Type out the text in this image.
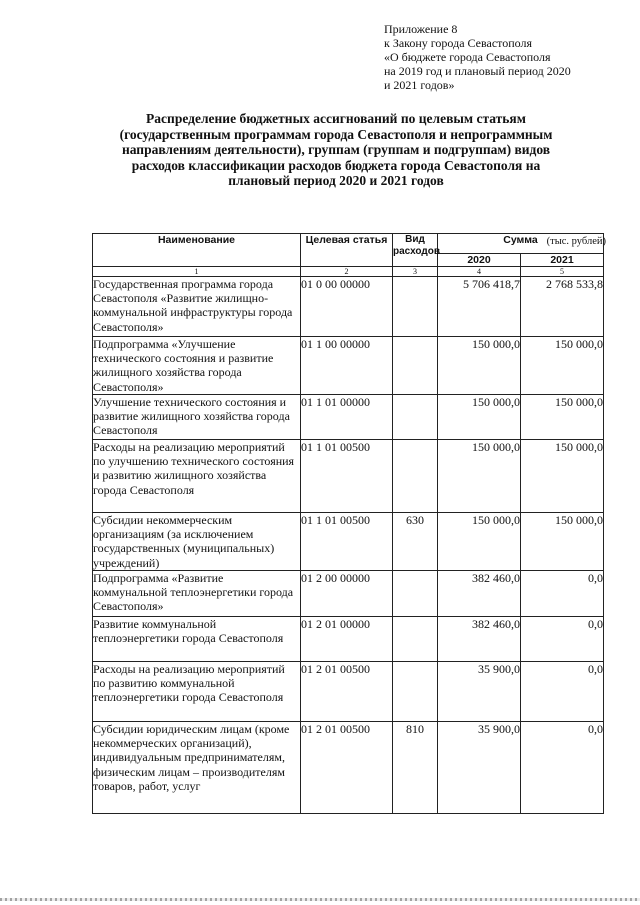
Приложение 8
к Закону города Севастополя
«О бюджете города Севастополя
на 2019 год и плановый период 2020
и 2021 годов»
Распределение бюджетных ассигнований по целевым статьям
(государственным программам города Севастополя и непрограммным
направлениям деятельности), группам (группам и подгруппам) видов
расходов классификации расходов бюджета города Севастополя на
плановый период 2020 и 2021 годов
(тыс. рублей)
Наименование	Целевая статья	Вид расходов	Сумма	
			2020	2021
1	2	3	4	5
Государственная программа города Севастополя «Развитие жилищно-коммунальной инфраструктуры города Севастополя»	01 0 00 00000		5 706 418,7	2 768 533,8
Подпрограмма «Улучшение технического состояния и развитие жилищного хозяйства города Севастополя»	01 1 00 00000		150 000,0	150 000,0
Улучшение технического состояния и развитие жилищного хозяйства города Севастополя	01 1 01 00000		150 000,0	150 000,0
Расходы на реализацию мероприятий по улучшению технического состояния и развитию жилищного хозяйства города Севастополя	01 1 01 00500		150 000,0	150 000,0
Субсидии некоммерческим организациям (за исключением государственных (муниципальных) учреждений)	01 1 01 00500	630	150 000,0	150 000,0
Подпрограмма «Развитие коммунальной теплоэнергетики города Севастополя»	01 2 00 00000		382 460,0	0,0
Развитие коммунальной теплоэнергетики города Севастополя	01 2 01 00000		382 460,0	0,0
Расходы на реализацию мероприятий по развитию коммунальной теплоэнергетики города Севастополя	01 2 01 00500		35 900,0	0,0
Субсидии юридическим лицам (кроме некоммерческих организаций), индивидуальным предпринимателям, физическим лицам – производителям товаров, работ, услуг	01 2 01 00500	810	35 900,0	0,0
